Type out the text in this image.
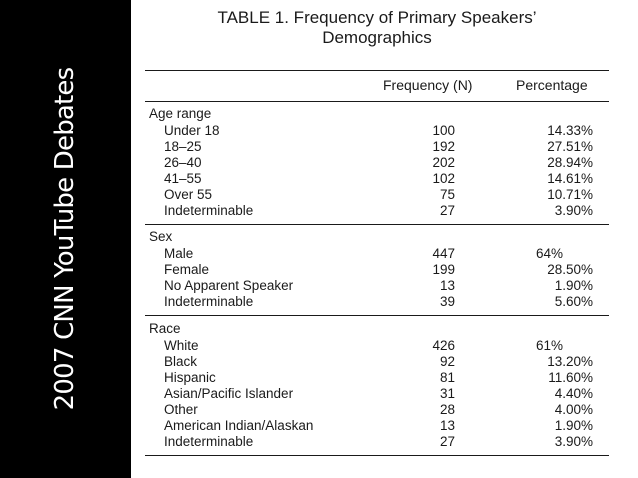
2007 CNN YouTube Debates
TABLE 1. Frequency of Primary Speakers’
Demographics
Frequency (N)	Percentage
Age range
Under 18	100	14.33%
18–25	192	27.51%
26–40	202	28.94%
41–55	102	14.61%
Over 55	75	10.71%
Indeterminable	27	3.90%
Sex
Male	447	64%
Female	199	28.50%
No Apparent Speaker	13	1.90%
Indeterminable	39	5.60%
Race
White	426	61%
Black	92	13.20%
Hispanic	81	11.60%
Asian/Pacific Islander	31	4.40%
Other	28	4.00%
American Indian/Alaskan	13	1.90%
Indeterminable	27	3.90%
